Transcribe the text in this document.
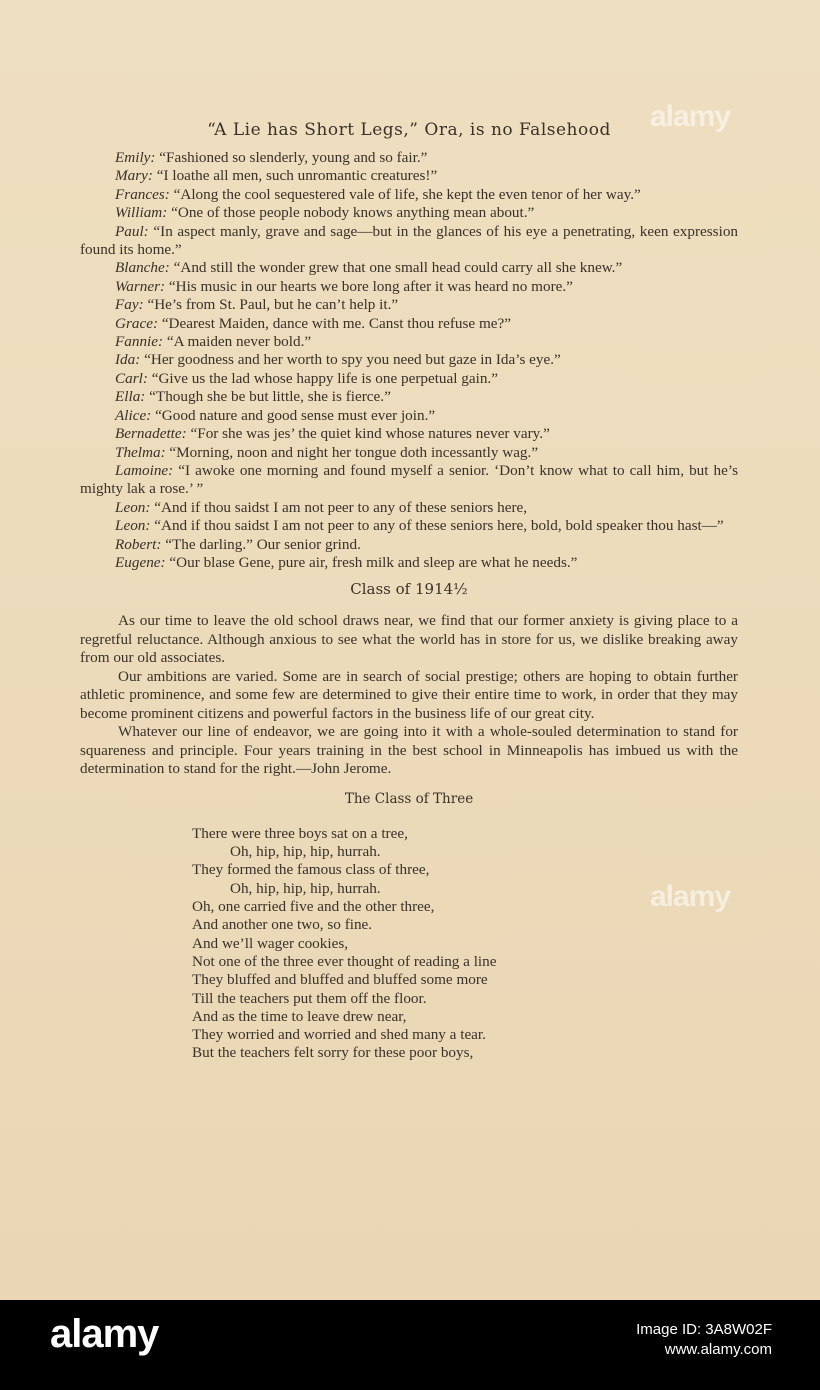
“A Lie has Short Legs,” Ora, is no Falsehood

Emily: “Fashioned so slenderly, young and so fair.”

Mary: “I loathe all men, such unromantic creatures!”

Frances: “Along the cool sequestered vale of life, she kept the even tenor of her way.”

William: “One of those people nobody knows anything mean about.”

Paul: “In aspect manly, grave and sage—but in the glances of his eye a penetrating, keen expression found its home.”

Blanche: “And still the wonder grew that one small head could carry all she knew.”

Warner: “His music in our hearts we bore long after it was heard no more.”

Fay: “He’s from St. Paul, but he can’t help it.”

Grace: “Dearest Maiden, dance with me. Canst thou refuse me?”

Fannie: “A maiden never bold.”

Ida: “Her goodness and her worth to spy you need but gaze in Ida’s eye.”

Carl: “Give us the lad whose happy life is one perpetual gain.”

Ella: “Though she be but little, she is fierce.”

Alice: “Good nature and good sense must ever join.”

Bernadette: “For she was jes’ the quiet kind whose natures never vary.”

Thelma: “Morning, noon and night her tongue doth incessantly wag.”

Lamoine: “I awoke one morning and found myself a senior. ‘Don’t know what to call him, but he’s mighty lak a rose.’ ”

Leon: “And if thou saidst I am not peer to any of these seniors here,

Leon: “And if thou saidst I am not peer to any of these seniors here, bold, bold speaker thou hast—”

Robert: “The darling.” Our senior grind.

Eugene: “Our blase Gene, pure air, fresh milk and sleep are what he needs.”

Class of 1914½

As our time to leave the old school draws near, we find that our former anxiety is giving place to a regretful reluctance. Although anxious to see what the world has in store for us, we dislike breaking away from our old associates.

Our ambitions are varied. Some are in search of social prestige; others are hoping to obtain further athletic prominence, and some few are determined to give their entire time to work, in order that they may become prominent citizens and powerful factors in the business life of our great city.

Whatever our line of endeavor, we are going into it with a whole-souled determination to stand for squareness and principle. Four years training in the best school in Minneapolis has imbued us with the determination to stand for the right.—John Jerome.

The Class of Three

There were three boys sat on a tree,

Oh, hip, hip, hip, hurrah.

They formed the famous class of three,

Oh, hip, hip, hip, hurrah.

Oh, one carried five and the other three,

And another one two, so fine.

And we’ll wager cookies,

Not one of the three ever thought of reading a line

They bluffed and bluffed and bluffed some more

Till the teachers put them off the floor.

And as the time to leave drew near,

They worried and worried and shed many a tear.

But the teachers felt sorry for these poor boys,

alamy
alamy
alamy	Image ID: 3A8W02F
www.alamy.com
